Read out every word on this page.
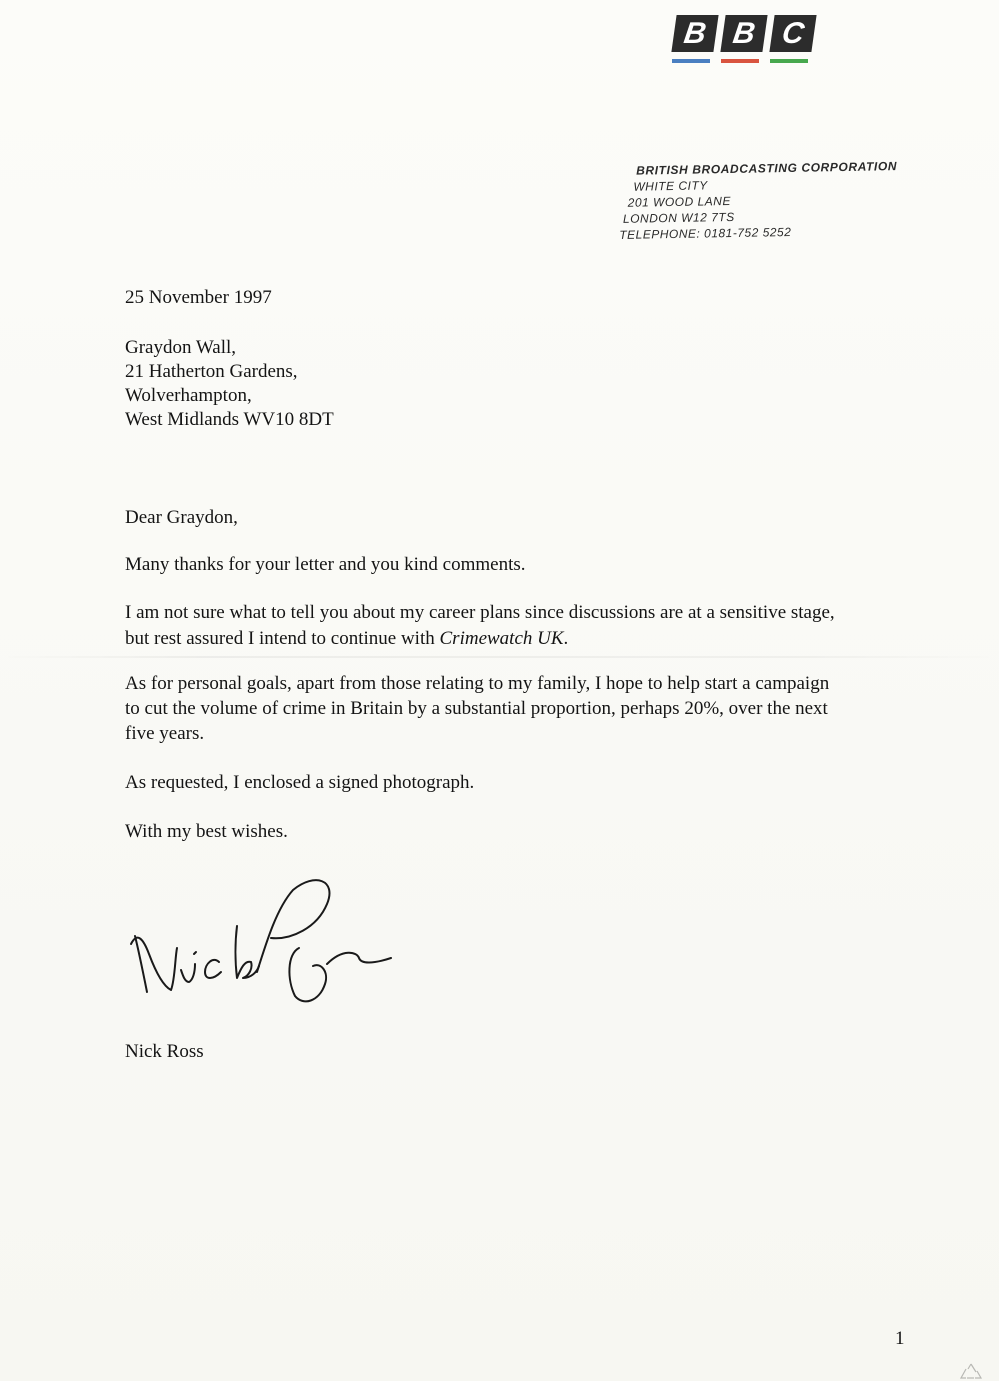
B B C
BRITISH BROADCASTING CORPORATION
WHITE CITY
201 WOOD LANE
LONDON W12 7TS
TELEPHONE: 0181-752 5252
25 November 1997
Graydon Wall,
21 Hatherton Gardens,
Wolverhampton,
West Midlands WV10 8DT
Dear Graydon,
Many thanks for your letter and you kind comments.
I am not sure what to tell you about my career plans since discussions are at a sensitive stage,
but rest assured I intend to continue with Crimewatch UK.
As for personal goals, apart from those relating to my family, I hope to help start a campaign
to cut the volume of crime in Britain by a substantial proportion, perhaps 20%, over the next
five years.
As requested, I enclosed a signed photograph.
With my best wishes.
Nick Ross
1
